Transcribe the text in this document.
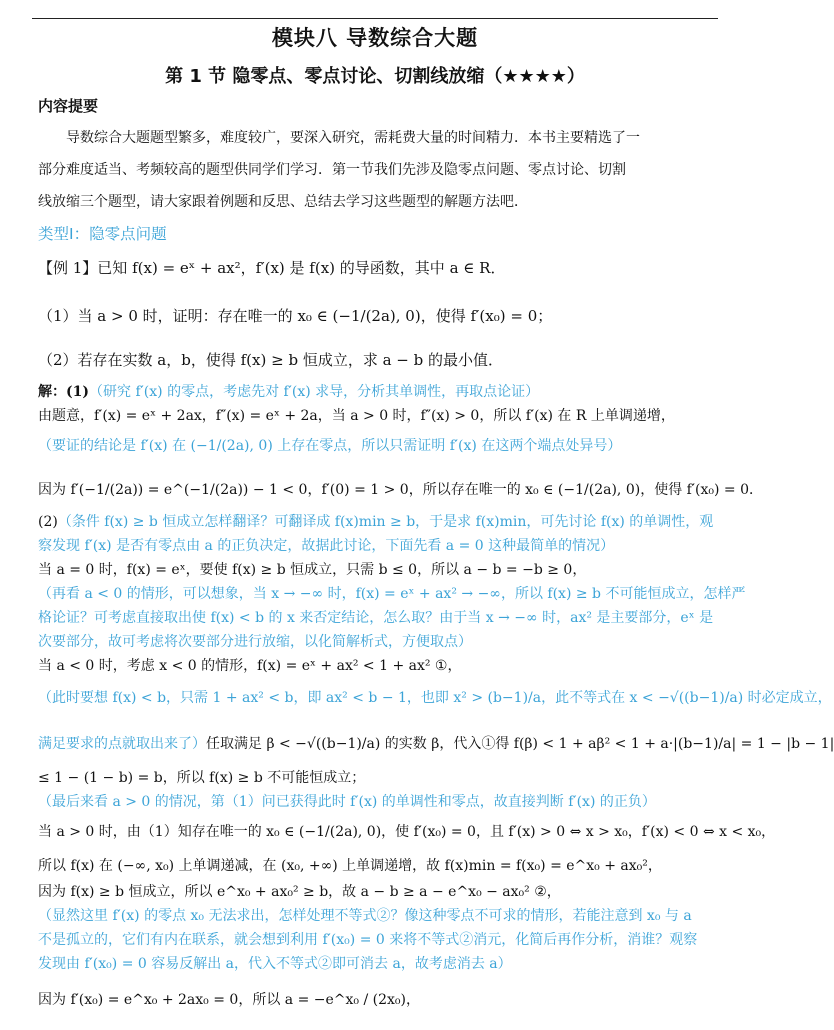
模块八 导数综合大题
第 1 节 隐零点、零点讨论、切割线放缩（★★★★）
内容提要
导数综合大题题型繁多，难度较广，要深入研究，需耗费大量的时间精力．本书主要精选了一
部分难度适当、考频较高的题型供同学们学习．第一节我们先涉及隐零点问题、零点讨论、切割
线放缩三个题型，请大家跟着例题和反思、总结去学习这些题型的解题方法吧．
类型Ⅰ：隐零点问题
【例 1】已知 f(x) = eˣ + ax²，f′(x) 是 f(x) 的导函数，其中 a ∈ R．
（1）当 a > 0 时，证明：存在唯一的 x₀ ∈ (−1/(2a), 0)，使得 f′(x₀) = 0；
（2）若存在实数 a，b，使得 f(x) ≥ b 恒成立，求 a − b 的最小值．
解：(1)（研究 f′(x) 的零点，考虑先对 f′(x) 求导，分析其单调性，再取点论证）
由题意，f′(x) = eˣ + 2ax，f″(x) = eˣ + 2a，当 a > 0 时，f″(x) > 0，所以 f′(x) 在 R 上单调递增，
（要证的结论是 f′(x) 在 (−1/(2a), 0) 上存在零点，所以只需证明 f′(x) 在这两个端点处异号）
因为 f′(−1/(2a)) = e^(−1/(2a)) − 1 < 0，f′(0) = 1 > 0，所以存在唯一的 x₀ ∈ (−1/(2a), 0)，使得 f′(x₀) = 0．
(2)（条件 f(x) ≥ b 恒成立怎样翻译？可翻译成 f(x)min ≥ b，于是求 f(x)min，可先讨论 f(x) 的单调性，观
察发现 f′(x) 是否有零点由 a 的正负决定，故据此讨论，下面先看 a = 0 这种最简单的情况）
当 a = 0 时，f(x) = eˣ，要使 f(x) ≥ b 恒成立，只需 b ≤ 0，所以 a − b = −b ≥ 0，
（再看 a < 0 的情形，可以想象，当 x → −∞ 时，f(x) = eˣ + ax² → −∞，所以 f(x) ≥ b 不可能恒成立，怎样严
格论证？可考虑直接取出使 f(x) < b 的 x 来否定结论，怎么取？由于当 x → −∞ 时，ax² 是主要部分，eˣ 是
次要部分，故可考虑将次要部分进行放缩，以化简解析式，方便取点）
当 a < 0 时，考虑 x < 0 的情形，f(x) = eˣ + ax² < 1 + ax² ①，
（此时要想 f(x) < b，只需 1 + ax² < b，即 ax² < b − 1，也即 x² > (b−1)/a，此不等式在 x < −√((b−1)/a) 时必定成立，
满足要求的点就取出来了）任取满足 β < −√((b−1)/a) 的实数 β，代入①得 f(β) < 1 + aβ² < 1 + a·|(b−1)/a| = 1 − |b − 1|
≤ 1 − (1 − b) = b，所以 f(x) ≥ b 不可能恒成立；
（最后来看 a > 0 的情况，第（1）问已获得此时 f′(x) 的单调性和零点，故直接判断 f′(x) 的正负）
当 a > 0 时，由（1）知存在唯一的 x₀ ∈ (−1/(2a), 0)，使 f′(x₀) = 0，且 f′(x) > 0 ⇔ x > x₀，f′(x) < 0 ⇔ x < x₀，
所以 f(x) 在 (−∞, x₀) 上单调递减，在 (x₀, +∞) 上单调递增，故 f(x)min = f(x₀) = e^x₀ + ax₀²，
因为 f(x) ≥ b 恒成立，所以 e^x₀ + ax₀² ≥ b，故 a − b ≥ a − e^x₀ − ax₀² ②，
（显然这里 f′(x) 的零点 x₀ 无法求出，怎样处理不等式②？像这种零点不可求的情形，若能注意到 x₀ 与 a
不是孤立的，它们有内在联系，就会想到利用 f′(x₀) = 0 来将不等式②消元，化简后再作分析，消谁？观察
发现由 f′(x₀) = 0 容易反解出 a，代入不等式②即可消去 a，故考虑消去 a）
因为 f′(x₀) = e^x₀ + 2ax₀ = 0，所以 a = −e^x₀ / (2x₀)，
